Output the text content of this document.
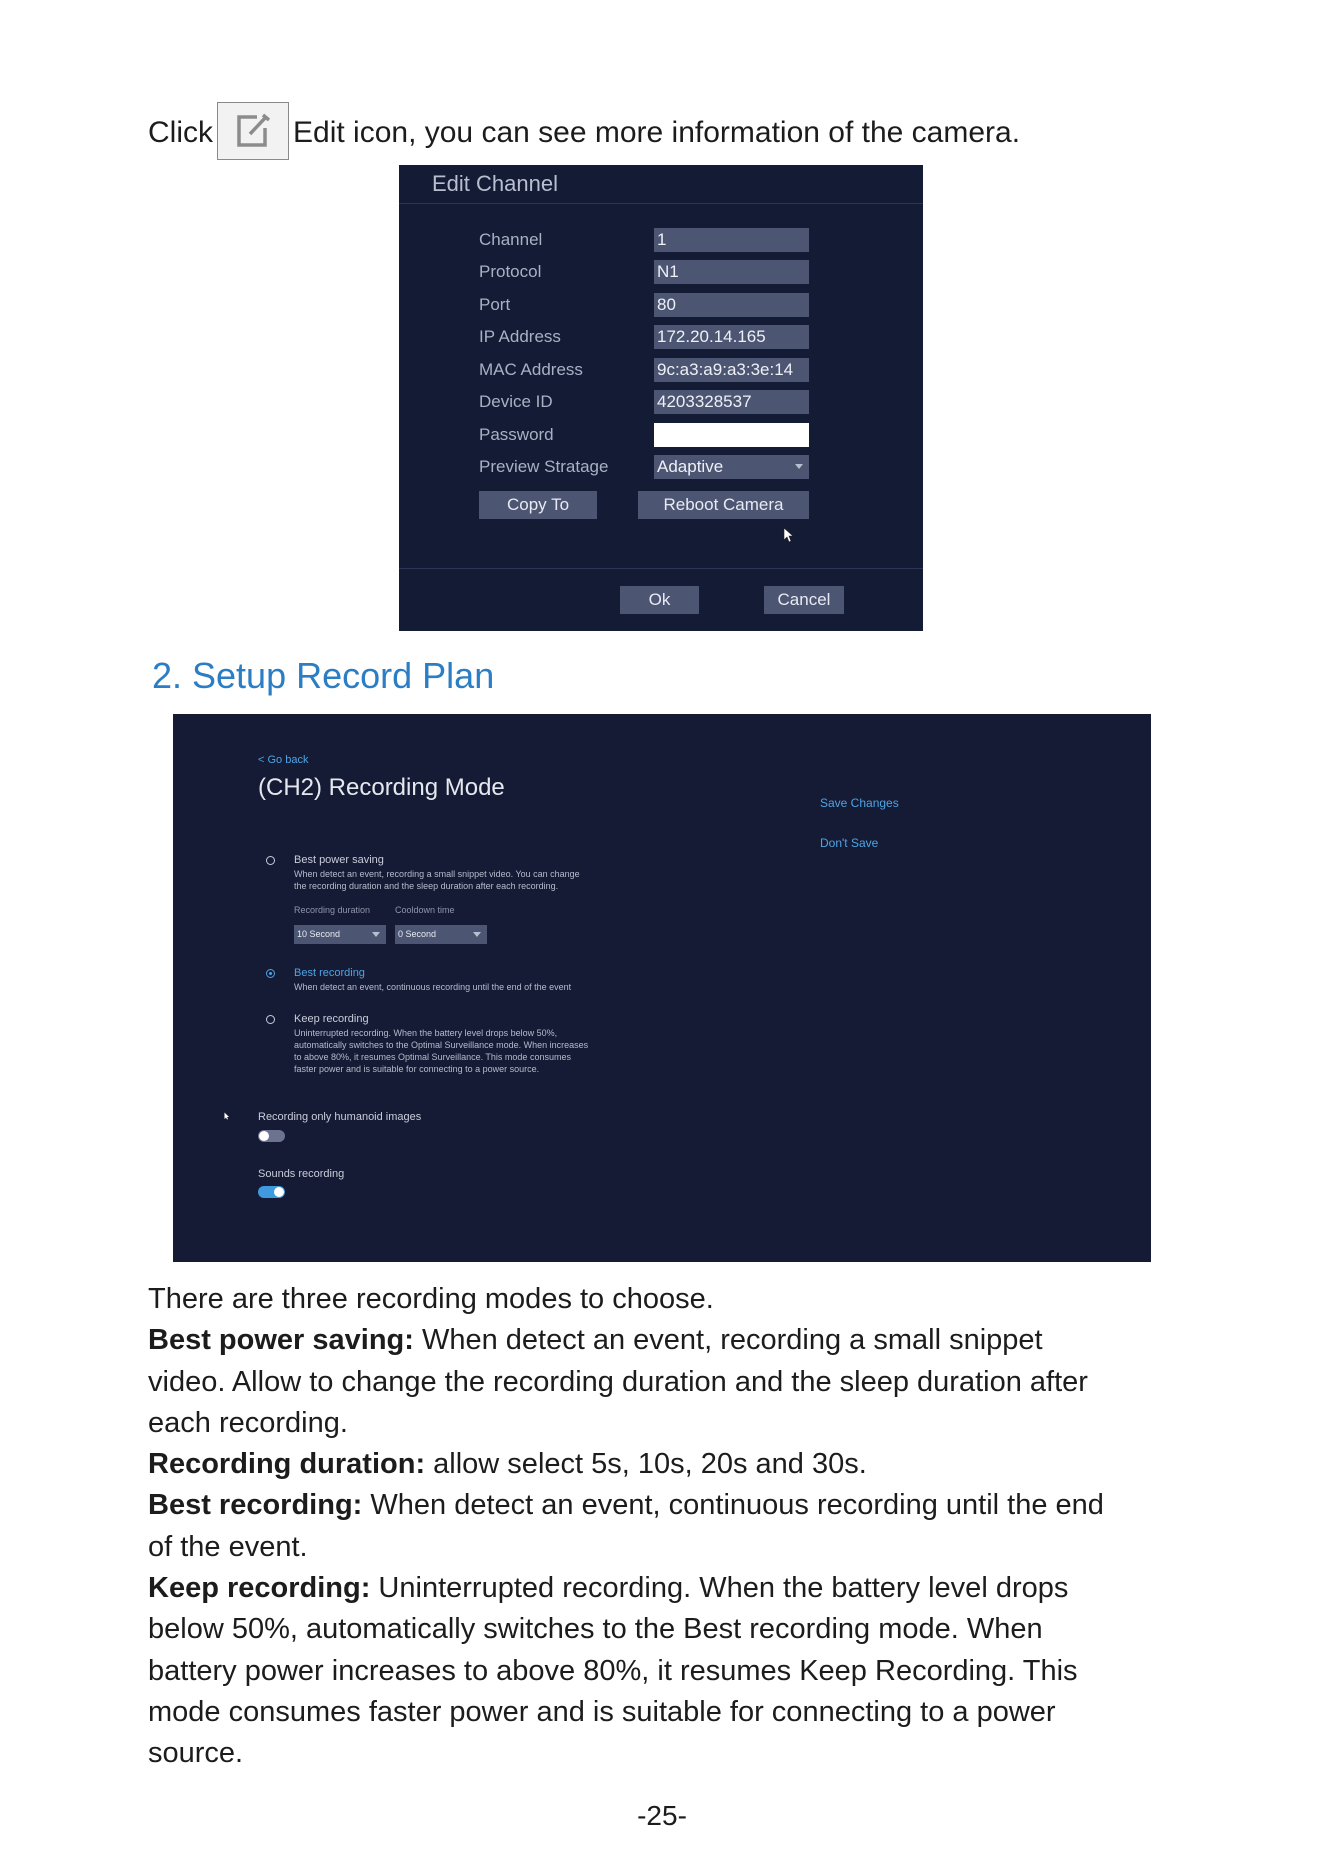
Click	Edit icon, you can see more information of the camera.
Edit Channel
Channel	1
Protocol	N1
Port	80
IP Address	172.20.14.165
MAC Address	9c:a3:a9:a3:3e:14
Device ID	4203328537
Password
Preview Stratage	Adaptive
Copy To	Reboot Camera
Ok	Cancel
2. Setup Record Plan
< Go back
(CH2) Recording Mode
Save Changes
Don't Save
Best power saving
When detect an event, recording a small snippet video. You can change
the recording duration and the sleep duration after each recording.
Recording duration	Cooldown time
10 Second	0 Second
Best recording
When detect an event, continuous recording until the end of the event
Keep recording
Uninterrupted recording. When the battery level drops below 50%,
automatically switches to the Optimal Surveillance mode. When increases
to above 80%, it resumes Optimal Surveillance. This mode consumes
faster power and is suitable for connecting to a power source.
Recording only humanoid images
Sounds recording
There are three recording modes to choose.
Best power saving: When detect an event, recording a small snippet
video. Allow to change the recording duration and the sleep duration after
each recording.
Recording duration: allow select 5s, 10s, 20s and 30s.
Best recording: When detect an event, continuous recording until the end
of the event.
Keep recording: Uninterrupted recording. When the battery level drops
below 50%, automatically switches to the Best recording mode. When
battery power increases to above 80%, it resumes Keep Recording. This
mode consumes faster power and is suitable for connecting to a power
source.
-25-
